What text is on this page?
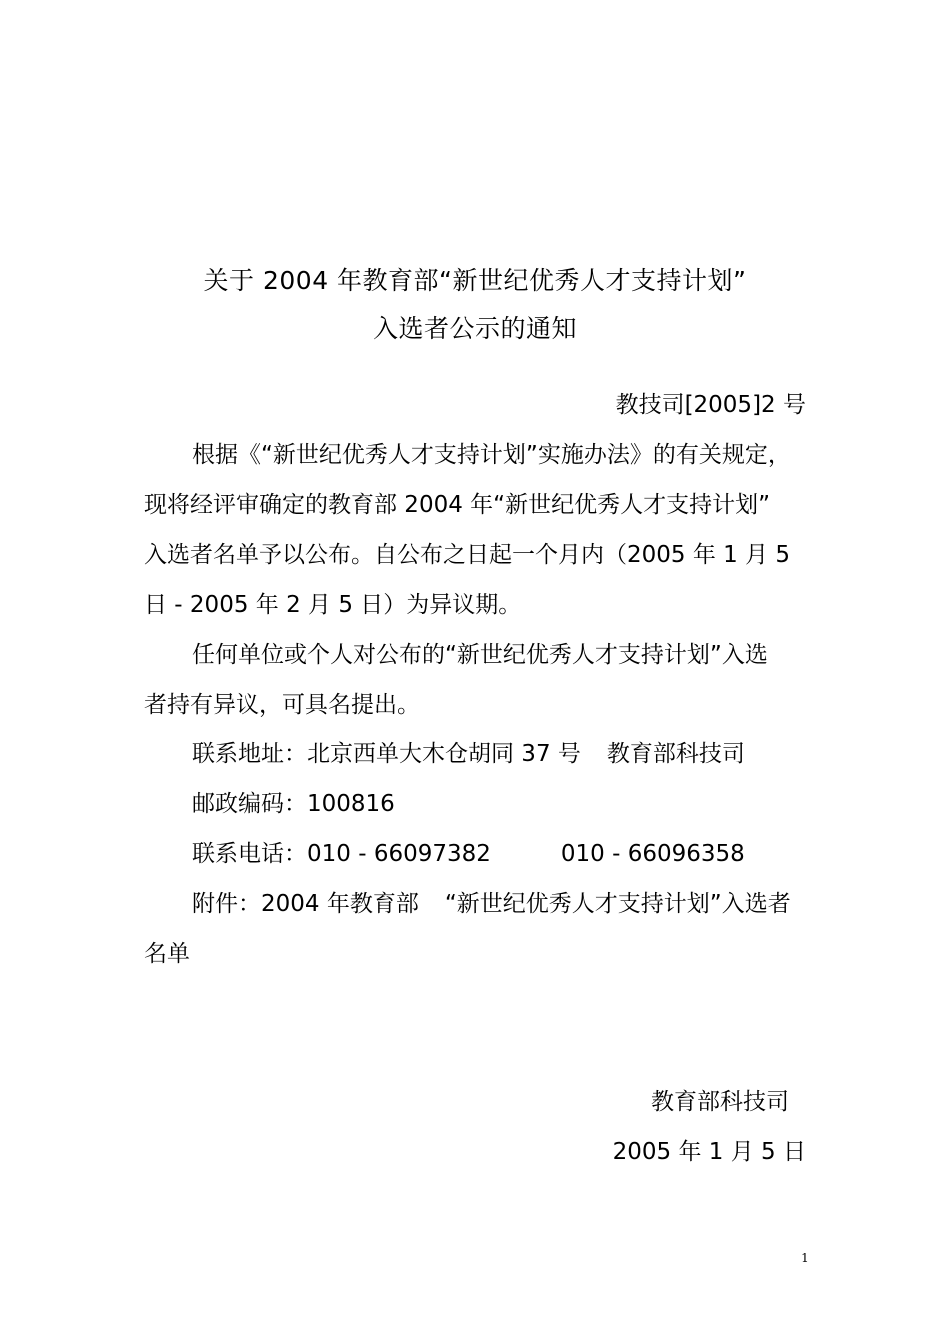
关于 2004 年教育部“新世纪优秀人才支持计划”
入选者公示的通知
教技司[2005]2 号
根据《“新世纪优秀人才支持计划”实施办法》的有关规定，
现将经评审确定的教育部 2004 年“新世纪优秀人才支持计划”
入选者名单予以公布。自公布之日起一个月内（2005 年 1 月 5
日 - 2005 年 2 月 5 日）为异议期。
任何单位或个人对公布的“新世纪优秀人才支持计划”入选
者持有异议，可具名提出。
联系地址：北京西单大木仓胡同 37 号 教育部科技司
邮政编码：100816
联系电话：010 - 66097382	010 - 66096358
附件：2004 年教育部 “新世纪优秀人才支持计划”入选者
名单
教育部科技司
2005 年 1 月 5 日
1
